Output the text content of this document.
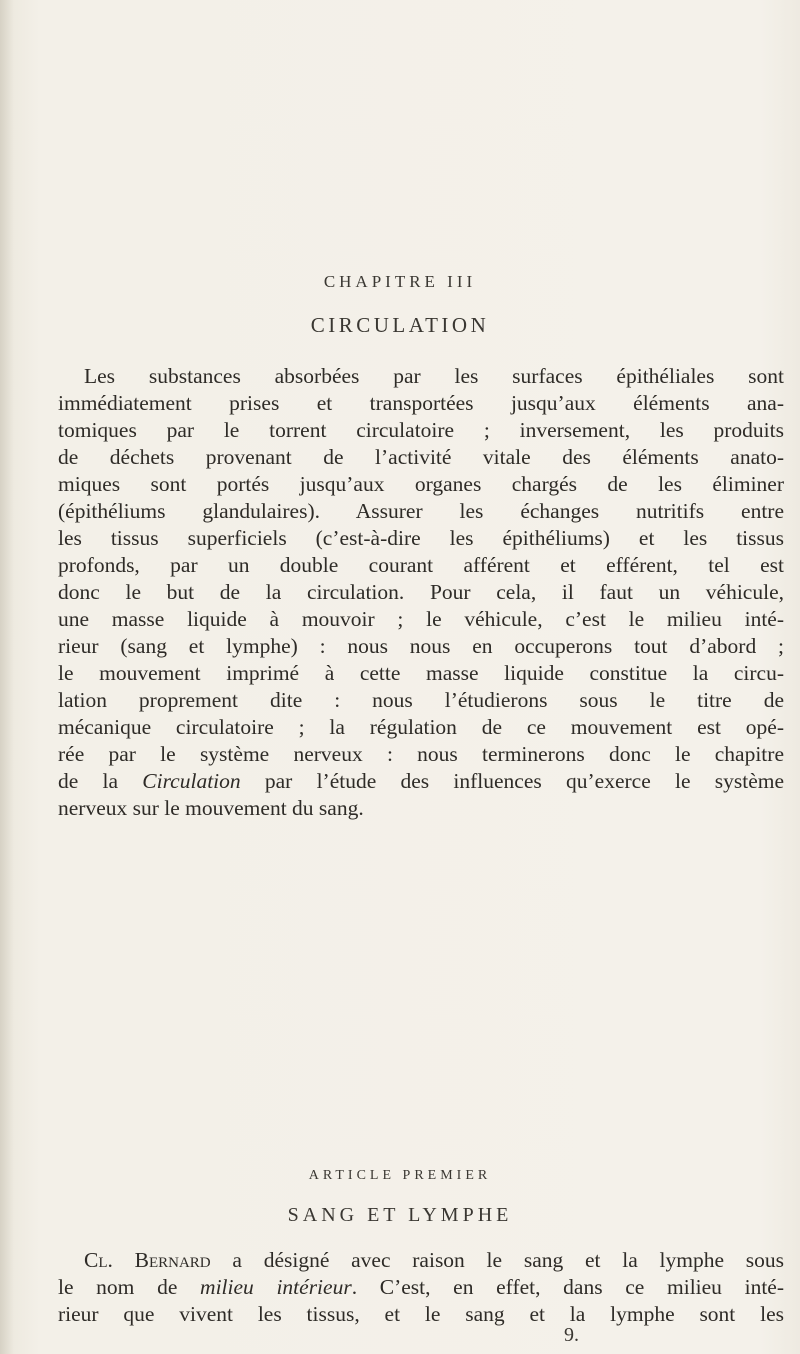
CHAPITRE III
CIRCULATION
Les substances absorbées par les surfaces épithéliales sont
immédiatement prises et transportées jusqu’aux éléments ana-
tomiques par le torrent circulatoire ; inversement, les produits
de déchets provenant de l’activité vitale des éléments anato-
miques sont portés jusqu’aux organes chargés de les éliminer
(épithéliums glandulaires). Assurer les échanges nutritifs entre
les tissus superficiels (c’est-à-dire les épithéliums) et les tissus
profonds, par un double courant afférent et efférent, tel est
donc le but de la circulation. Pour cela, il faut un véhicule,
une masse liquide à mouvoir ; le véhicule, c’est le milieu inté-
rieur (sang et lymphe) : nous nous en occuperons tout d’abord ;
le mouvement imprimé à cette masse liquide constitue la circu-
lation proprement dite : nous l’étudierons sous le titre de
mécanique circulatoire ; la régulation de ce mouvement est opé-
rée par le système nerveux : nous terminerons donc le chapitre
de la Circulation par l’étude des influences qu’exerce le système
nerveux sur le mouvement du sang.
ARTICLE PREMIER
SANG ET LYMPHE
Cl. Bernard a désigné avec raison le sang et la lymphe sous
le nom de milieu intérieur. C’est, en effet, dans ce milieu inté-
rieur que vivent les tissus, et le sang et la lymphe sont les
9.
